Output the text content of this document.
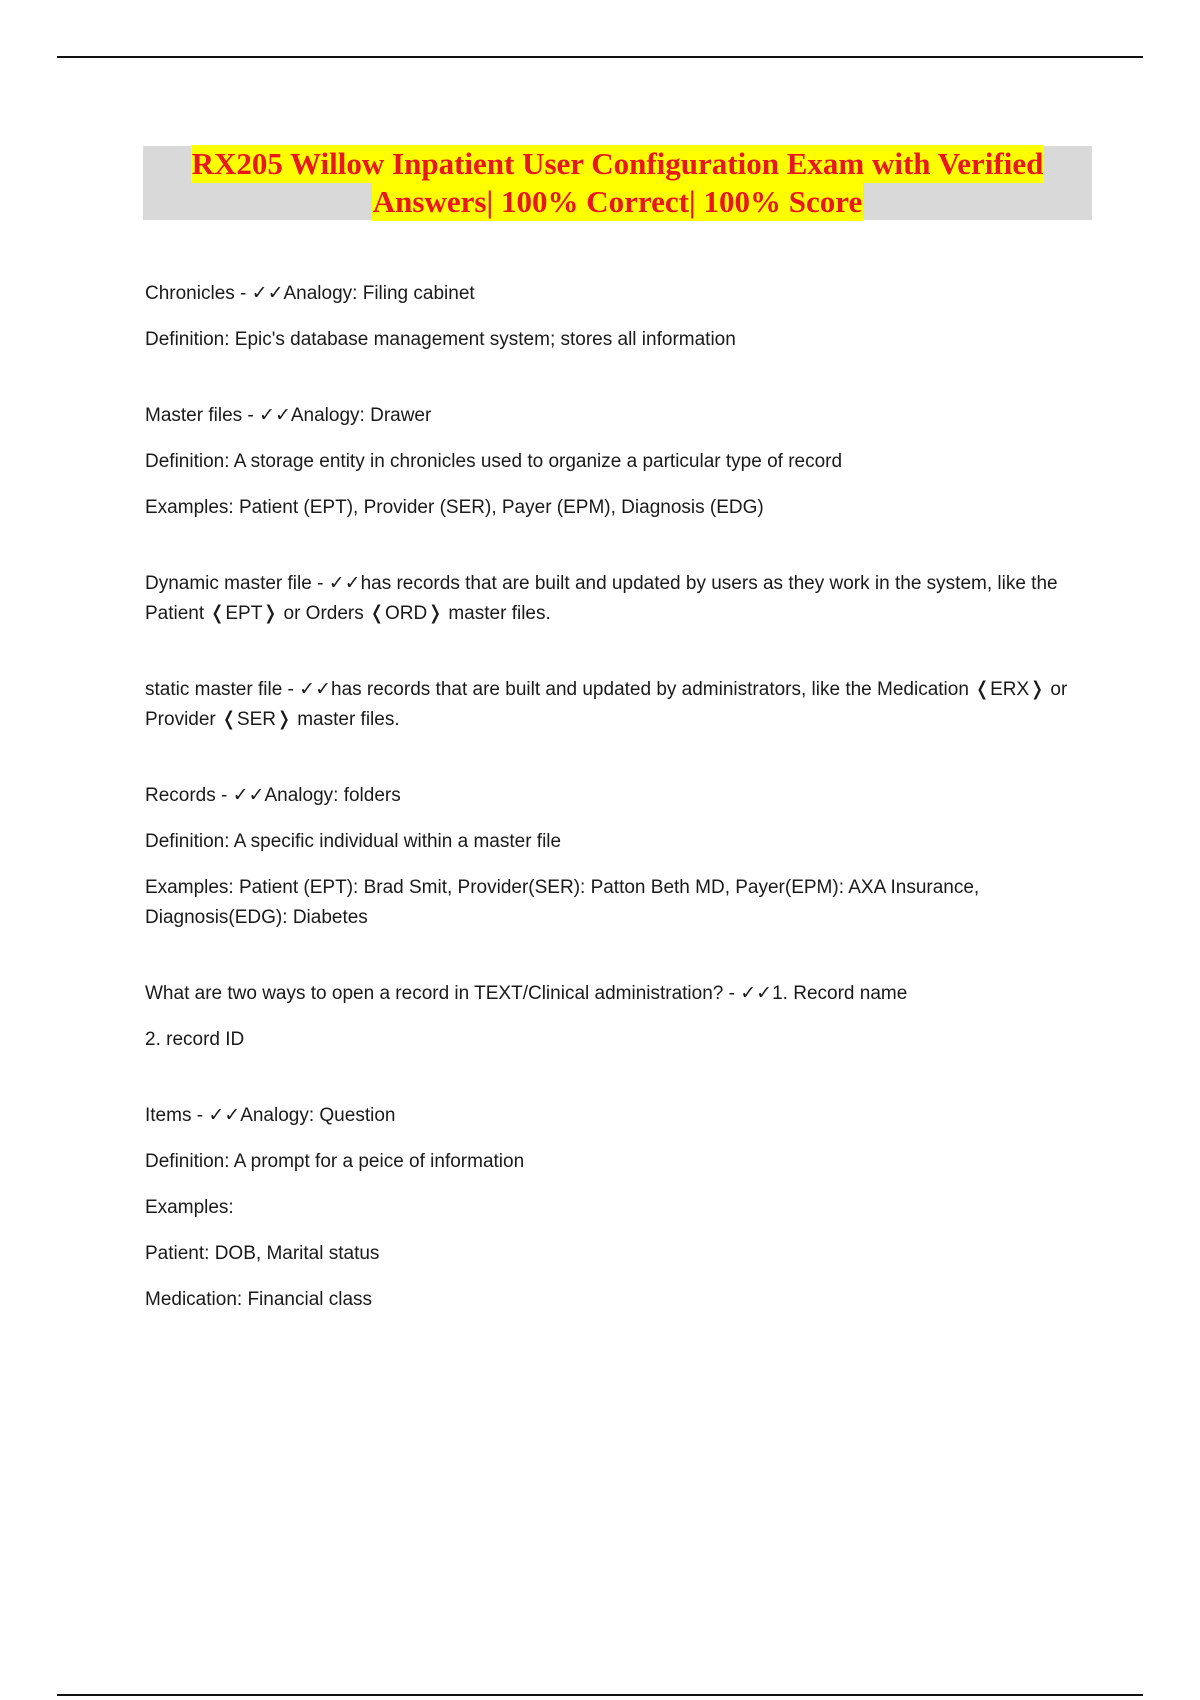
RX205 Willow Inpatient User Configuration Exam with Verified
Answers| 100% Correct| 100% Score

Chronicles - ✓✓Analogy: Filing cabinet

Definition: Epic's database management system; stores all information

Master files - ✓✓Analogy: Drawer

Definition: A storage entity in chronicles used to organize a particular type of record

Examples: Patient (EPT), Provider (SER), Payer (EPM), Diagnosis (EDG)

Dynamic master file - ✓✓has records that are built and updated by users as they work in the system, like the Patient ❬EPT❭ or Orders ❬ORD❭ master files.

static master file - ✓✓has records that are built and updated by administrators, like the Medication ❬ERX❭ or Provider ❬SER❭ master files.

Records - ✓✓Analogy: folders

Definition: A specific individual within a master file

Examples: Patient (EPT): Brad Smit, Provider(SER): Patton Beth MD, Payer(EPM): AXA Insurance, Diagnosis(EDG): Diabetes

What are two ways to open a record in TEXT/Clinical administration? - ✓✓1. Record name

2. record ID

Items - ✓✓Analogy: Question

Definition: A prompt for a peice of information

Examples:

Patient: DOB, Marital status

Medication: Financial class
